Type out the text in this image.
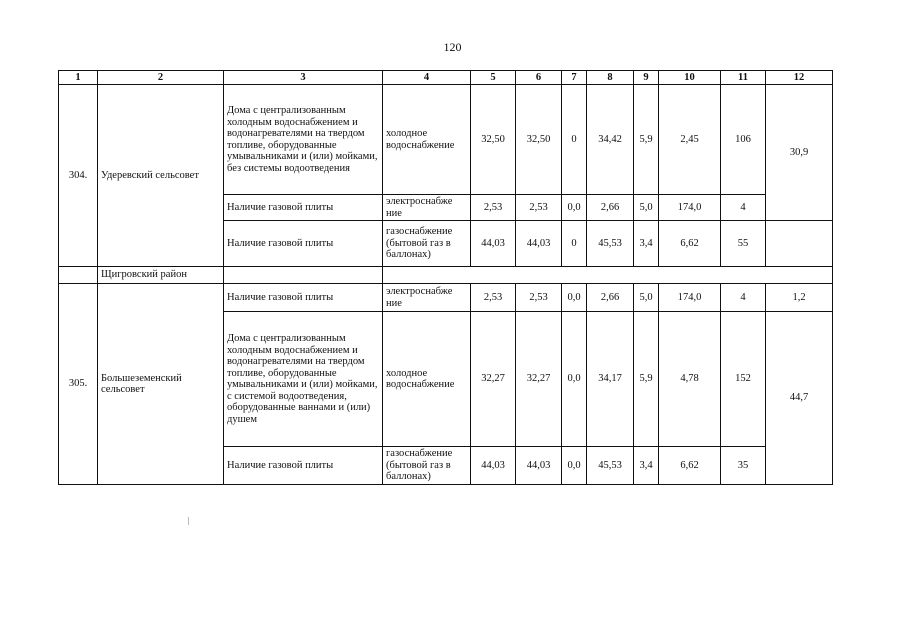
120
1	2	3	4	5	6	7	8	9	10	11	12
304.	Удеревский сельсовет	Дома с централизованным холодным водоснабжением и водонагревателями на твердом топливе, оборудованные умывальниками и (или) мойками, без системы водоотведения	холодное водоснабжение	32,50	32,50	0	34,42	5,9	2,45	106	30,9
		Наличие газовой плиты	электроснабже ние	2,53	2,53	0,0	2,66	5,0	174,0	4	
		Наличие газовой плиты	газоснабжение (бытовой газ в баллонах)	44,03	44,03	0	45,53	3,4	6,62	55	
	Щигровский район										
305.	Большеземенский сельсовет	Наличие газовой плиты	электроснабже ние	2,53	2,53	0,0	2,66	5,0	174,0	4	1,2
		Дома с централизованным холодным водоснабжением и водонагревателями на твердом топливе, оборудованные умывальниками и (или) мойками, с системой водоотведения, оборудованные ваннами и (или) душем	холодное водоснабжение	32,27	32,27	0,0	34,17	5,9	4,78	152	44,7
		Наличие газовой плиты	газоснабжение (бытовой газ в баллонах)	44,03	44,03	0,0	45,53	3,4	6,62	35	
